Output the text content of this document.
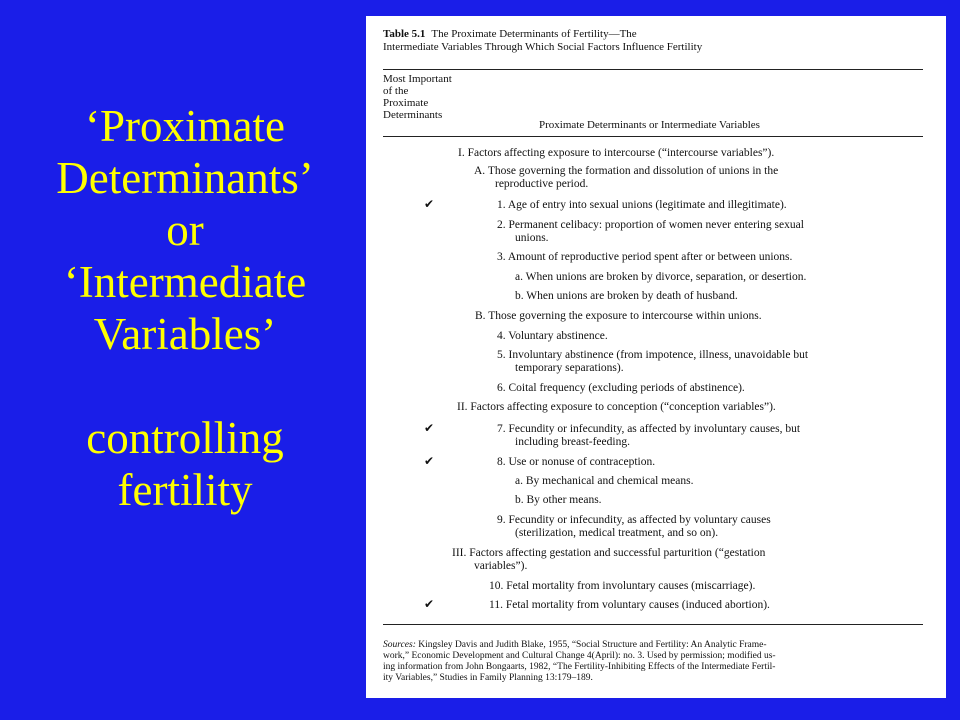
‘Proximate
Determinants’
or
‘Intermediate
Variables’
controlling
fertility
Table 5.1 The Proximate Determinants of Fertility—The
Intermediate Variables Through Which Social Factors Influence Fertility
Most Important
of the
Proximate
Determinants
Proximate Determinants or Intermediate Variables
I. Factors affecting exposure to intercourse (“intercourse variables”).
A. Those governing the formation and dissolution of unions in the
reproductive period.
✔	1. Age of entry into sexual unions (legitimate and illegitimate).
2. Permanent celibacy: proportion of women never entering sexual
unions.
3. Amount of reproductive period spent after or between unions.
a. When unions are broken by divorce, separation, or desertion.
b. When unions are broken by death of husband.
B. Those governing the exposure to intercourse within unions.
4. Voluntary abstinence.
5. Involuntary abstinence (from impotence, illness, unavoidable but
temporary separations).
6. Coital frequency (excluding periods of abstinence).
II. Factors affecting exposure to conception (“conception variables”).
✔	7. Fecundity or infecundity, as affected by involuntary causes, but
including breast-feeding.
✔	8. Use or nonuse of contraception.
a. By mechanical and chemical means.
b. By other means.
9. Fecundity or infecundity, as affected by voluntary causes
(sterilization, medical treatment, and so on).
III. Factors affecting gestation and successful parturition (“gestation
variables”).
10. Fetal mortality from involuntary causes (miscarriage).
✔	11. Fetal mortality from voluntary causes (induced abortion).
Sources: Kingsley Davis and Judith Blake, 1955, “Social Structure and Fertility: An Analytic Frame-
work,” Economic Development and Cultural Change 4(April): no. 3. Used by permission; modified us-
ing information from John Bongaarts, 1982, “The Fertility-Inhibiting Effects of the Intermediate Fertil-
ity Variables,” Studies in Family Planning 13:179–189.
